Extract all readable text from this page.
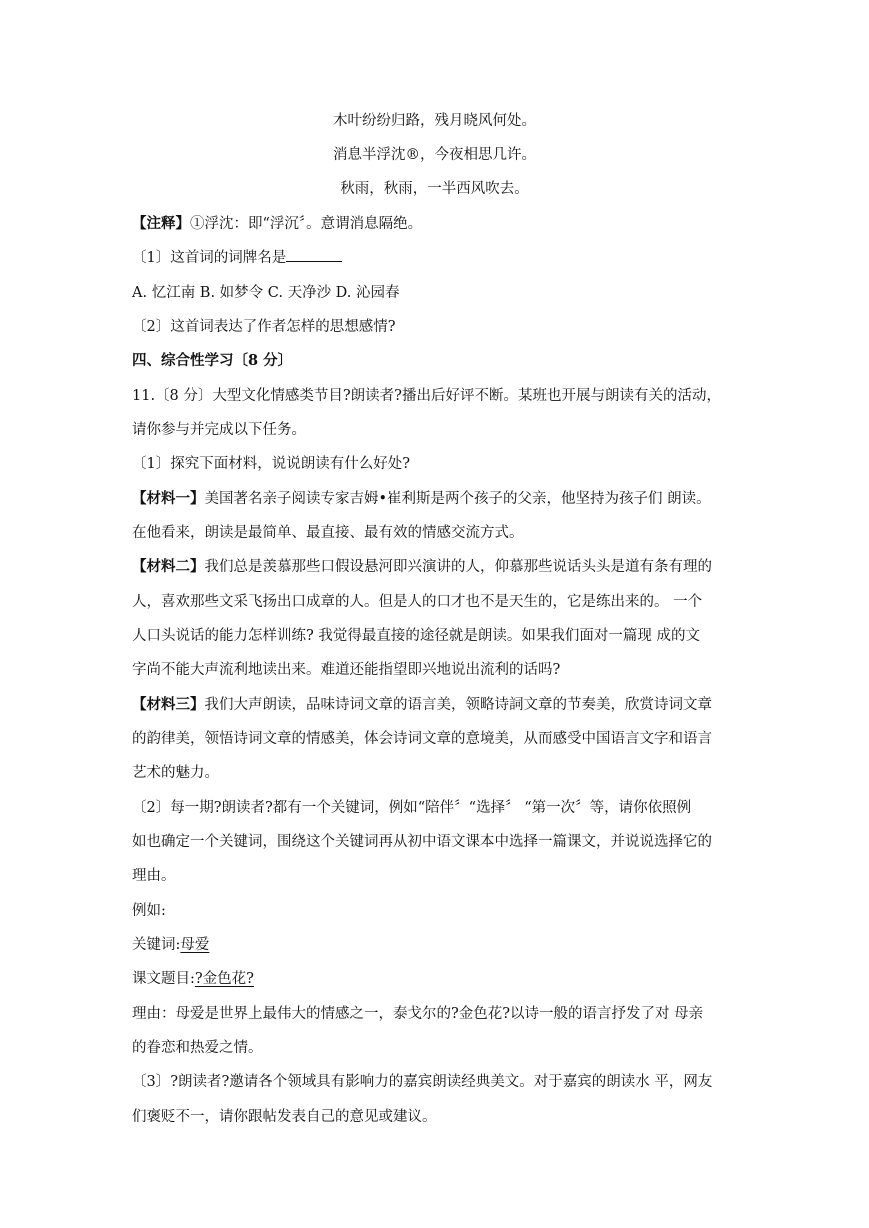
木叶纷纷归路，残月晓风何处。
消息半浮沈®，今夜相思几许。
秋雨，秋雨，一半西风吹去。
【注释】①浮沈：即“浮沉〞。意谓消息隔绝。
〔1〕这首词的词牌名是
A. 忆江南 B. 如梦令 C. 天净沙 D. 沁园春
〔2〕这首词表达了作者怎样的思想感情?
四、综合性学习〔8 分〕
11.〔8 分〕大型文化情感类节目?朗读者?播出后好评不断。某班也开展与朗读有关的活动，
请你参与并完成以下任务。
〔1〕探究下面材料，说说朗读有什么好处?
【材料一】美国著名亲子阅读专家吉姆•崔利斯是两个孩子的父亲，他坚持为孩子们 朗读。
在他看来，朗读是最简单、最直接、最有效的情感交流方式。
【材料二】我们总是羡慕那些口假设悬河即兴演讲的人，仰慕那些说话头头是道有条有理的
人，喜欢那些文采飞扬出口成章的人。但是人的口才也不是天生的，它是练出来的。 一个
人口头说话的能力怎样训练? 我觉得最直接的途径就是朗读。如果我们面对一篇现 成的文
字尚不能大声流利地读出来。难道还能指望即兴地说出流利的话吗?
【材料三】我们大声朗读，品味诗词文章的语言美，领略诗詞文章的节奏美，欣赏诗词文章
的韵律美，领悟诗词文章的情感美，体会诗词文章的意境美，从而感受中国语言文字和语言
艺术的魅力。
〔2〕每一期?朗读者?都有一个关键词，例如“陪伴〞“选择〞 “第一次〞等，请你依照例
如也确定一个关键词，围绕这个关键词再从初中语文课本中选择一篇课文，并说说选择它的
理由。
例如:
关键词:母爱
课文题目:?金色花?
理由：母爱是世界上最伟大的情感之一，泰戈尔的?金色花?以诗一般的语言抒发了对 母亲
的眷恋和热爱之情。
〔3〕?朗读者?邀请各个领域具有影响力的嘉宾朗读经典美文。对于嘉宾的朗读水 平，网友
们褒贬不一，请你跟帖发表自己的意见或建议。
